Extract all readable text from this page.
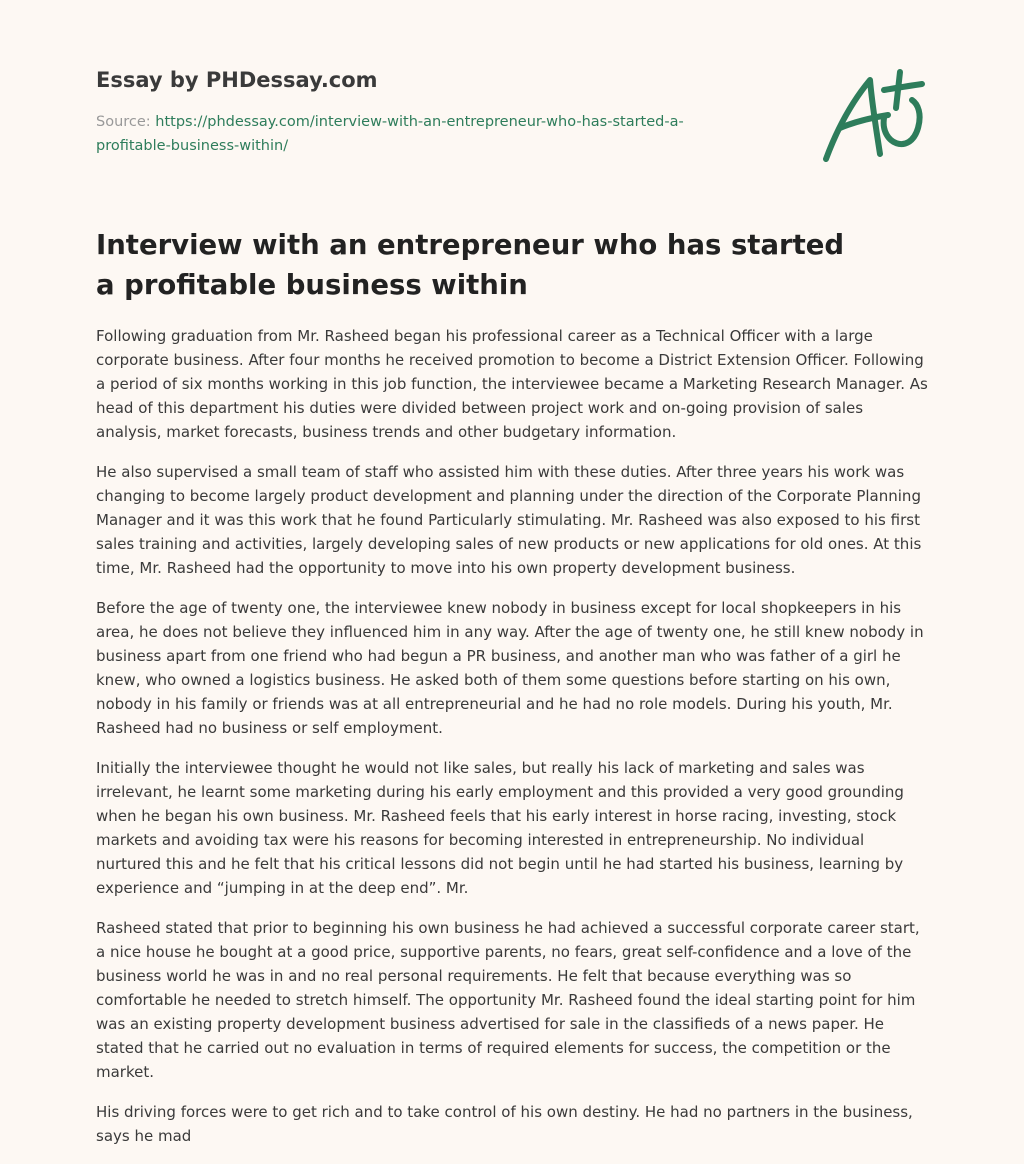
Essay by PHDessay.com
Source: https://phdessay.com/interview-with-an-entrepreneur-who-has-started-a-profitable-business-within/
Interview with an entrepreneur who has started a profitable business within

Following graduation from Mr. Rasheed began his professional career as a Technical Officer with a large corporate business. After four months he received promotion to become a District Extension Officer. Following a period of six months working in this job function, the interviewee became a Marketing Research Manager. As head of this department his duties were divided between project work and on-going provision of sales analysis, market forecasts, business trends and other budgetary information.

He also supervised a small team of staff who assisted him with these duties. After three years his work was changing to become largely product development and planning under the direction of the Corporate Planning Manager and it was this work that he found Particularly stimulating. Mr. Rasheed was also exposed to his first sales training and activities, largely developing sales of new products or new applications for old ones. At this time, Mr. Rasheed had the opportunity to move into his own property development business.

Before the age of twenty one, the interviewee knew nobody in business except for local shopkeepers in his area, he does not believe they influenced him in any way. After the age of twenty one, he still knew nobody in business apart from one friend who had begun a PR business, and another man who was father of a girl he knew, who owned a logistics business. He asked both of them some questions before starting on his own, nobody in his family or friends was at all entrepreneurial and he had no role models. During his youth, Mr. Rasheed had no business or self employment.

Initially the interviewee thought he would not like sales, but really his lack of marketing and sales was irrelevant, he learnt some marketing during his early employment and this provided a very good grounding when he began his own business. Mr. Rasheed feels that his early interest in horse racing, investing, stock markets and avoiding tax were his reasons for becoming interested in entrepreneurship. No individual nurtured this and he felt that his critical lessons did not begin until he had started his business, learning by experience and “jumping in at the deep end”. Mr.

Rasheed stated that prior to beginning his own business he had achieved a successful corporate career start, a nice house he bought at a good price, supportive parents, no fears, great self-confidence and a love of the business world he was in and no real personal requirements. He felt that because everything was so comfortable he needed to stretch himself. The opportunity Mr. Rasheed found the ideal starting point for him was an existing property development business advertised for sale in the classifieds of a news paper. He stated that he carried out no evaluation in terms of required elements for success, the competition or the market.

His driving forces were to get rich and to take control of his own destiny. He had no partners in the business, says he mad
